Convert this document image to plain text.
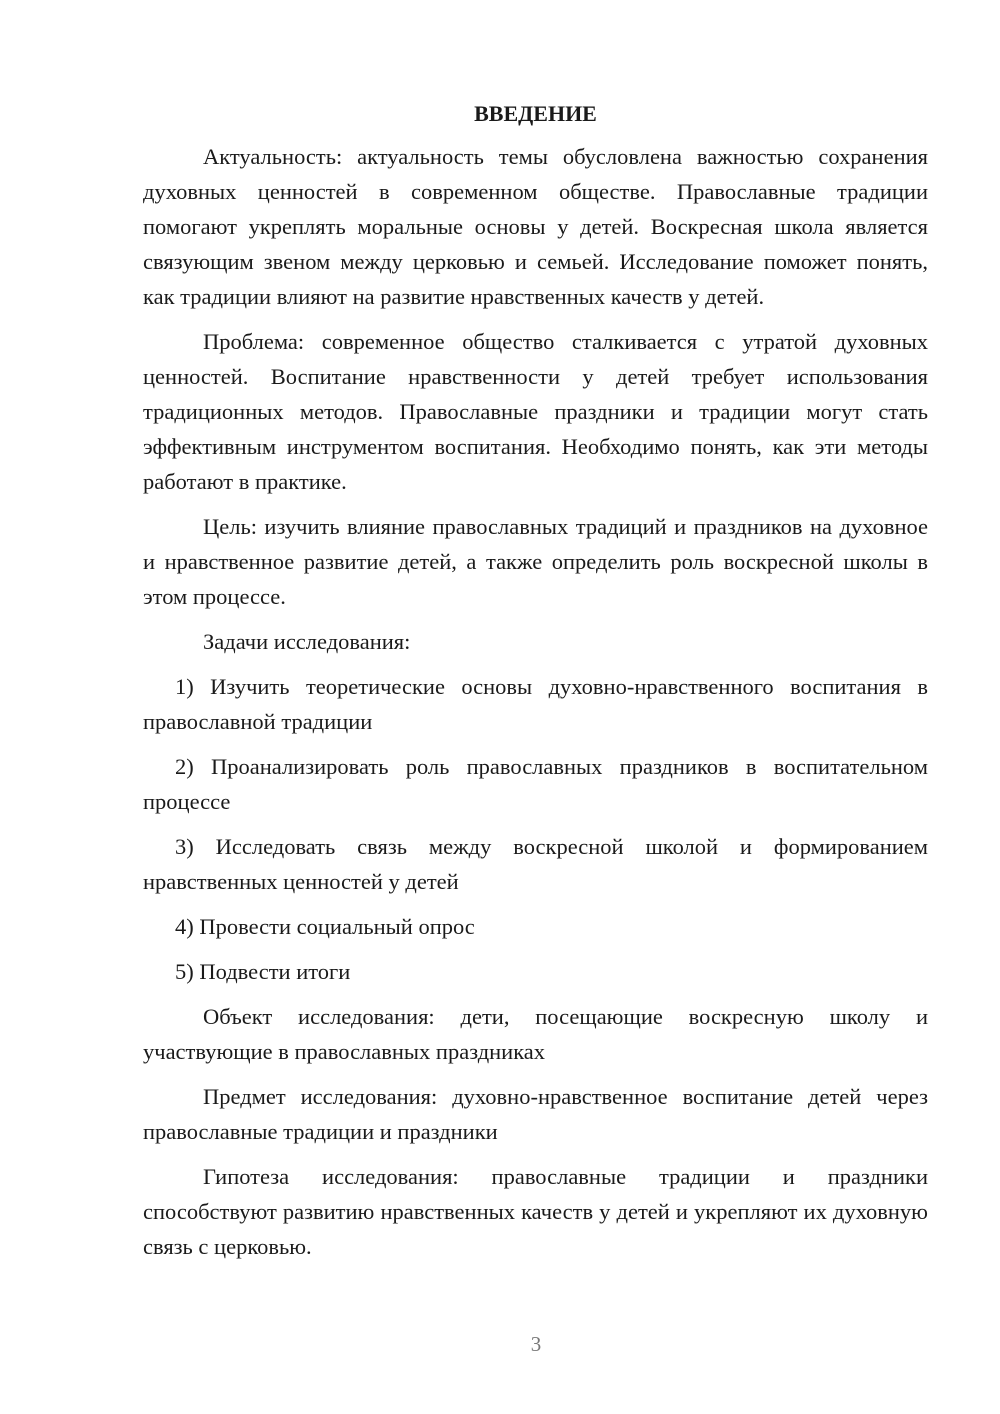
ВВЕДЕНИЕ

Актуальность: актуальность темы обусловлена важностью сохранения духовных ценностей в современном обществе. Православные традиции помогают укреплять моральные основы у детей. Воскресная школа является связующим звеном между церковью и семьей. Исследование поможет понять, как традиции влияют на развитие нравственных качеств у детей.

Проблема: современное общество сталкивается с утратой духовных ценностей. Воспитание нравственности у детей требует использования традиционных методов. Православные праздники и традиции могут стать эффективным инструментом воспитания. Необходимо понять, как эти методы работают в практике.

Цель: изучить влияние православных традиций и праздников на духовное и нравственное развитие детей, а также определить роль воскресной школы в этом процессе.

Задачи исследования:

1) Изучить теоретические основы духовно-нравственного воспитания в православной традиции

2) Проанализировать роль православных праздников в воспитательном процессе

3) Исследовать связь между воскресной школой и формированием нравственных ценностей у детей

4) Провести социальный опрос

5) Подвести итоги

Объект исследования: дети, посещающие воскресную школу и участвующие в православных праздниках

Предмет исследования: духовно-нравственное воспитание детей через православные традиции и праздники

Гипотеза исследования: православные традиции и праздники способствуют развитию нравственных качеств у детей и укрепляют их духовную связь с церковью.

3
